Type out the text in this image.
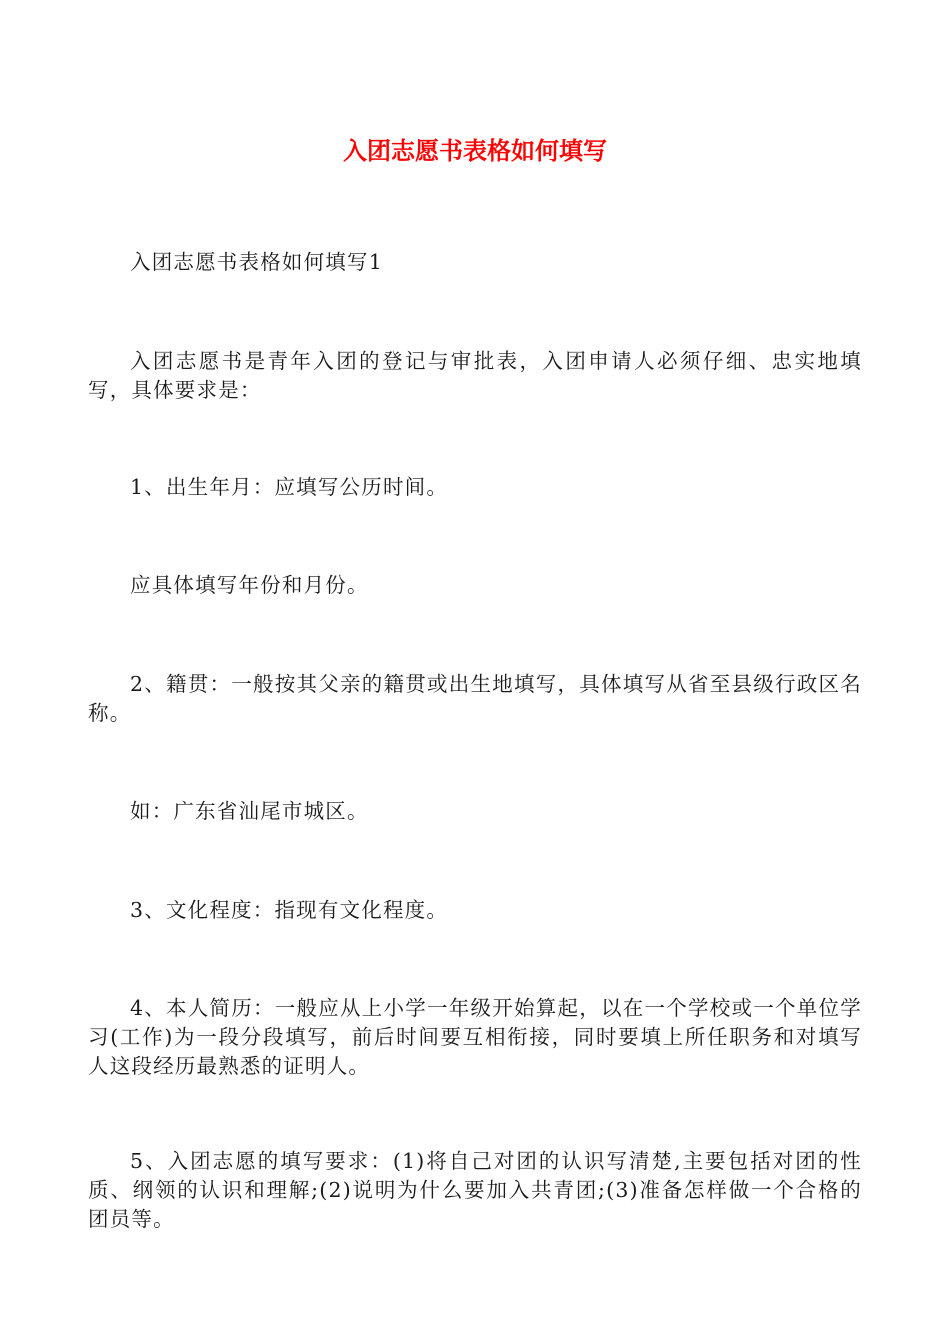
入团志愿书表格如何填写

入团志愿书表格如何填写1

入团志愿书是青年入团的登记与审批表，入团申请人必须仔细、忠实地填写，具体要求是：

1、出生年月：应填写公历时间。

应具体填写年份和月份。

2、籍贯：一般按其父亲的籍贯或出生地填写，具体填写从省至县级行政区名称。

如：广东省汕尾市城区。

3、文化程度：指现有文化程度。

4、本人简历：一般应从上小学一年级开始算起，以在一个学校或一个单位学习(工作)为一段分段填写，前后时间要互相衔接，同时要填上所任职务和对填写人这段经历最熟悉的证明人。

5、入团志愿的填写要求：(1)将自己对团的认识写清楚,主要包括对团的性质、纲领的认识和理解;(2)说明为什么要加入共青团;(3)准备怎样做一个合格的团员等。
